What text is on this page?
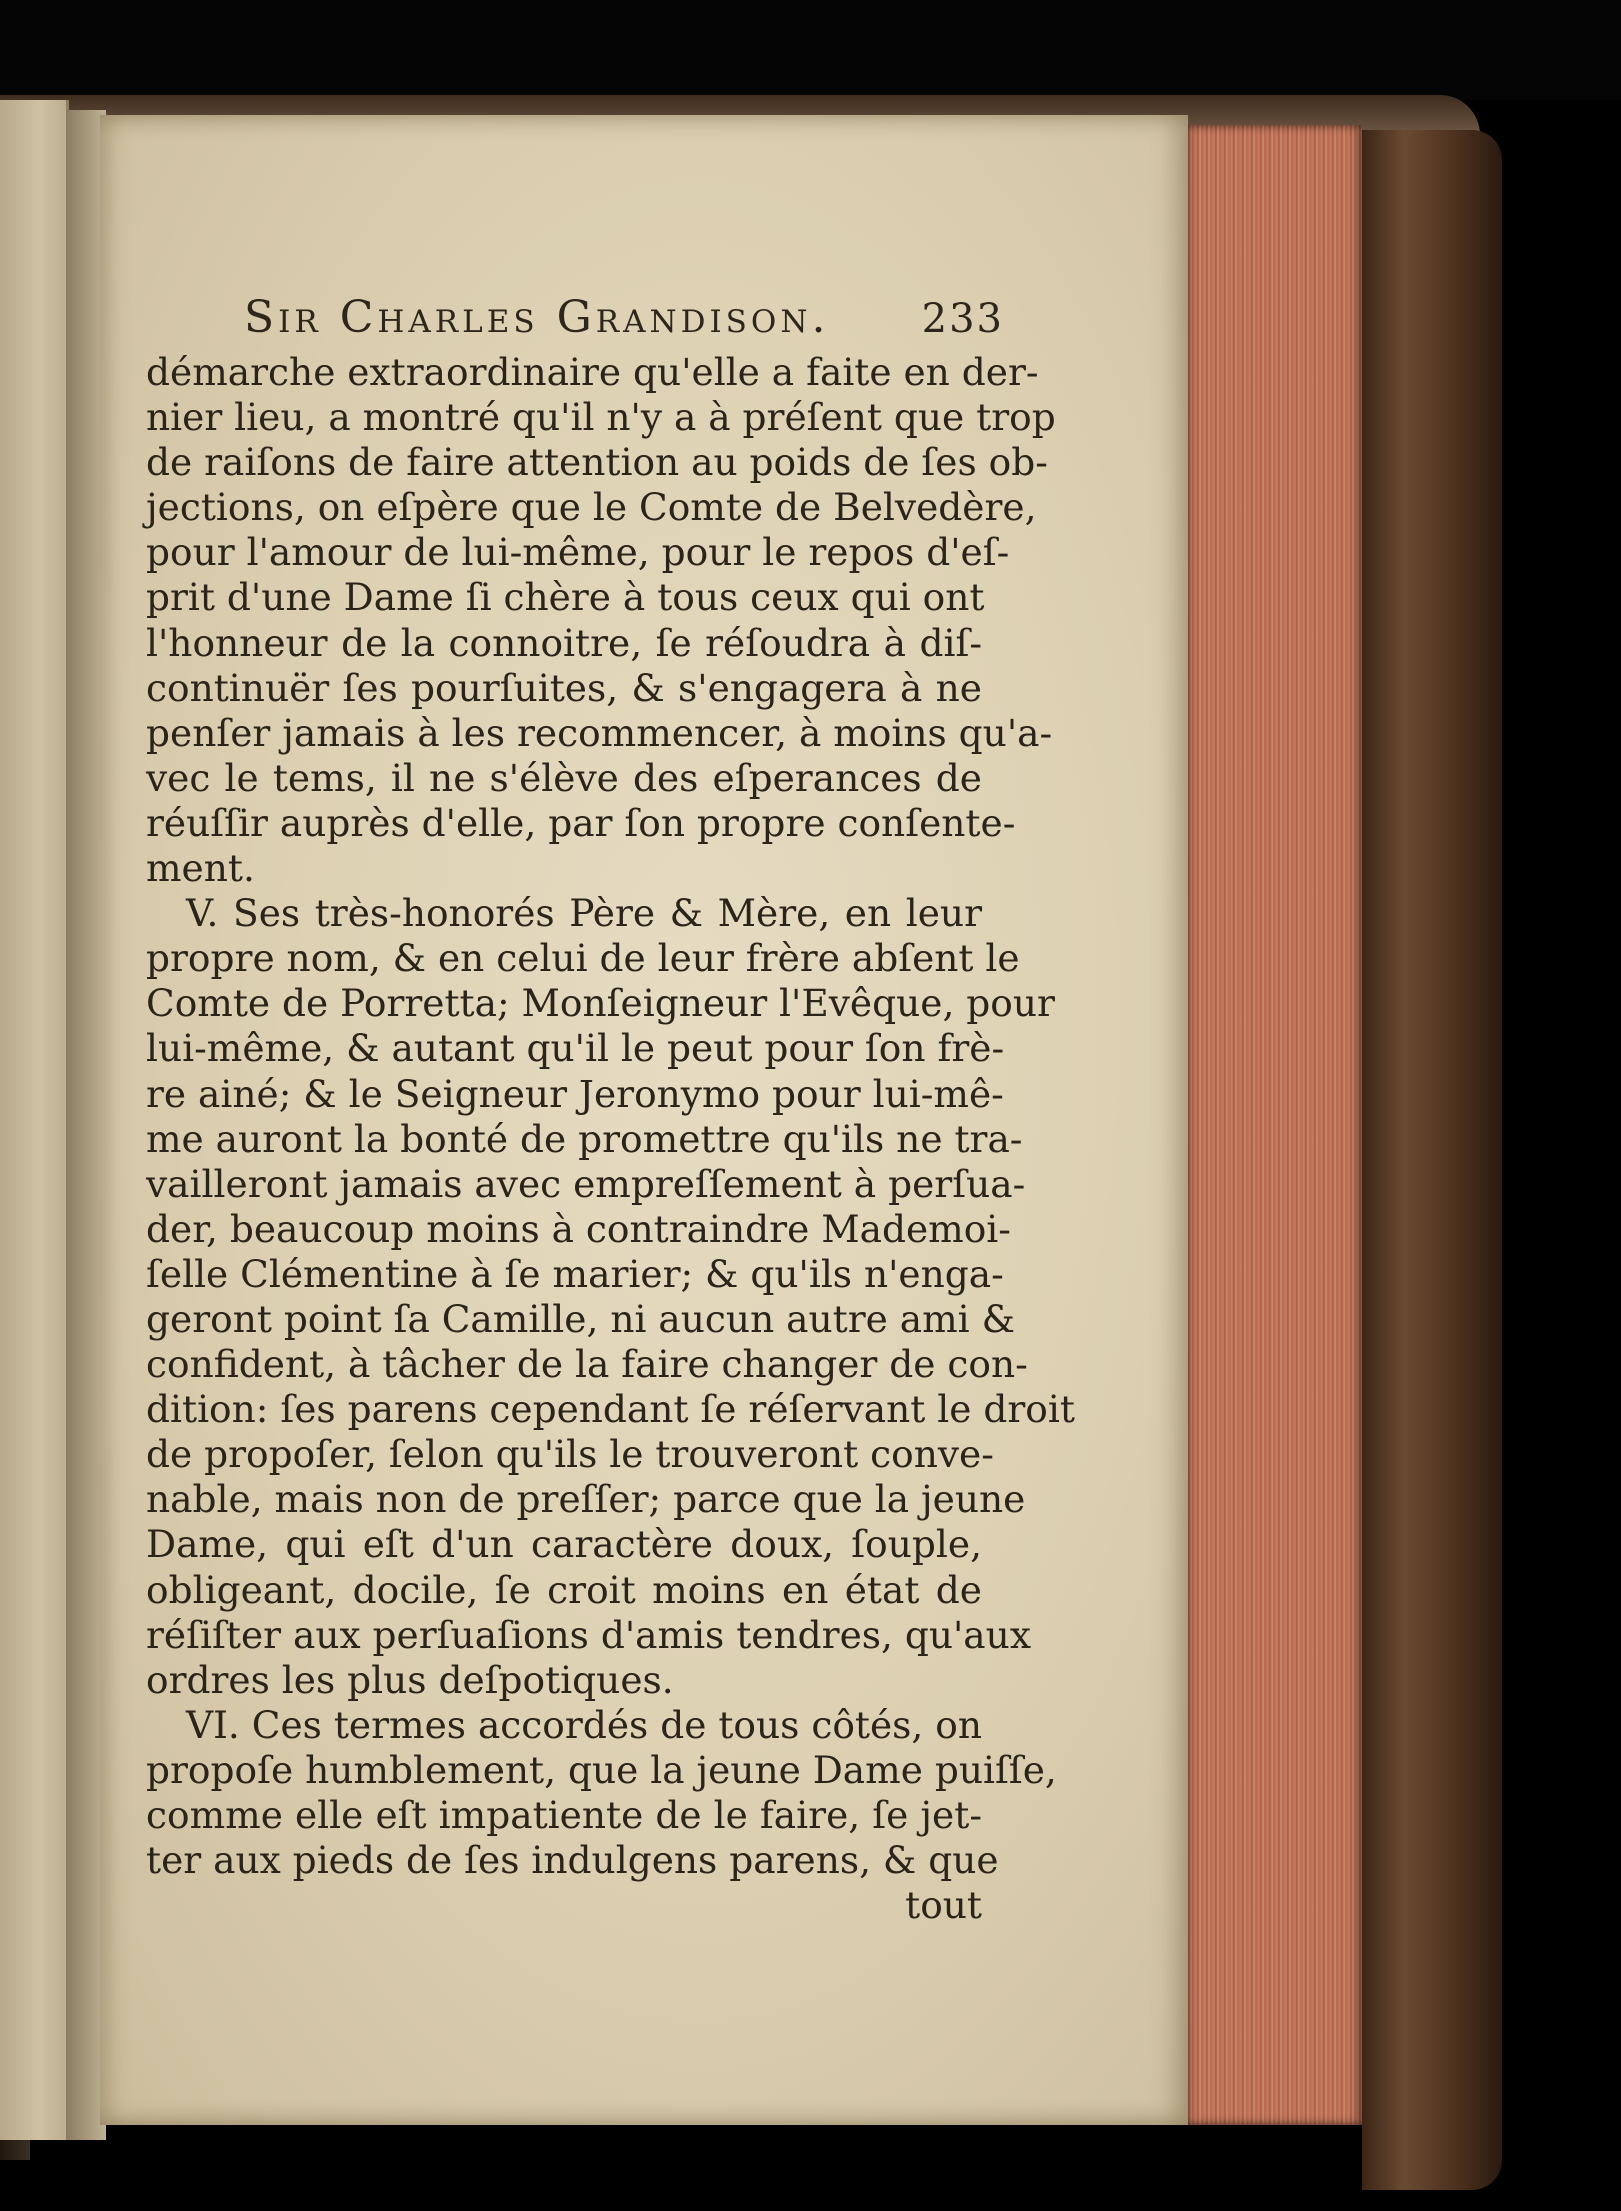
Sir Charles Grandison. 233
démarche extraordinaire qu'elle a faite en der-
nier lieu, a montré qu'il n'y a à préſent que trop
de raiſons de faire attention au poids de ſes ob-
jections, on eſpère que le Comte de Belvedère,
pour l'amour de lui-même, pour le repos d'eſ-
prit d'une Dame ſi chère à tous ceux qui ont
l'honneur de la connoitre, ſe réſoudra à diſ-
continuër ſes pourſuites, & s'engagera à ne
penſer jamais à les recommencer, à moins qu'a-
vec le tems, il ne s'élève des eſperances de
réuſſir auprès d'elle, par ſon propre conſente-
ment.
V. Ses très-honorés Père & Mère, en leur
propre nom, & en celui de leur frère abſent le
Comte de Porretta; Monſeigneur l'Evêque, pour
lui-même, & autant qu'il le peut pour ſon frè-
re ainé; & le Seigneur Jeronymo pour lui-mê-
me auront la bonté de promettre qu'ils ne tra-
vailleront jamais avec empreſſement à perſua-
der, beaucoup moins à contraindre Mademoi-
ſelle Clémentine à ſe marier; & qu'ils n'enga-
geront point ſa Camille, ni aucun autre ami &
confident, à tâcher de la faire changer de con-
dition: ſes parens cependant ſe réſervant le droit
de propoſer, ſelon qu'ils le trouveront conve-
nable, mais non de preſſer; parce que la jeune
Dame, qui eſt d'un caractère doux, ſouple,
obligeant, docile, ſe croit moins en état de
réſiſter aux perſuaſions d'amis tendres, qu'aux
ordres les plus deſpotiques.
VI. Ces termes accordés de tous côtés, on
propoſe humblement, que la jeune Dame puiſſe,
comme elle eſt impatiente de le faire, ſe jet-
ter aux pieds de ſes indulgens parens, & que
tout
